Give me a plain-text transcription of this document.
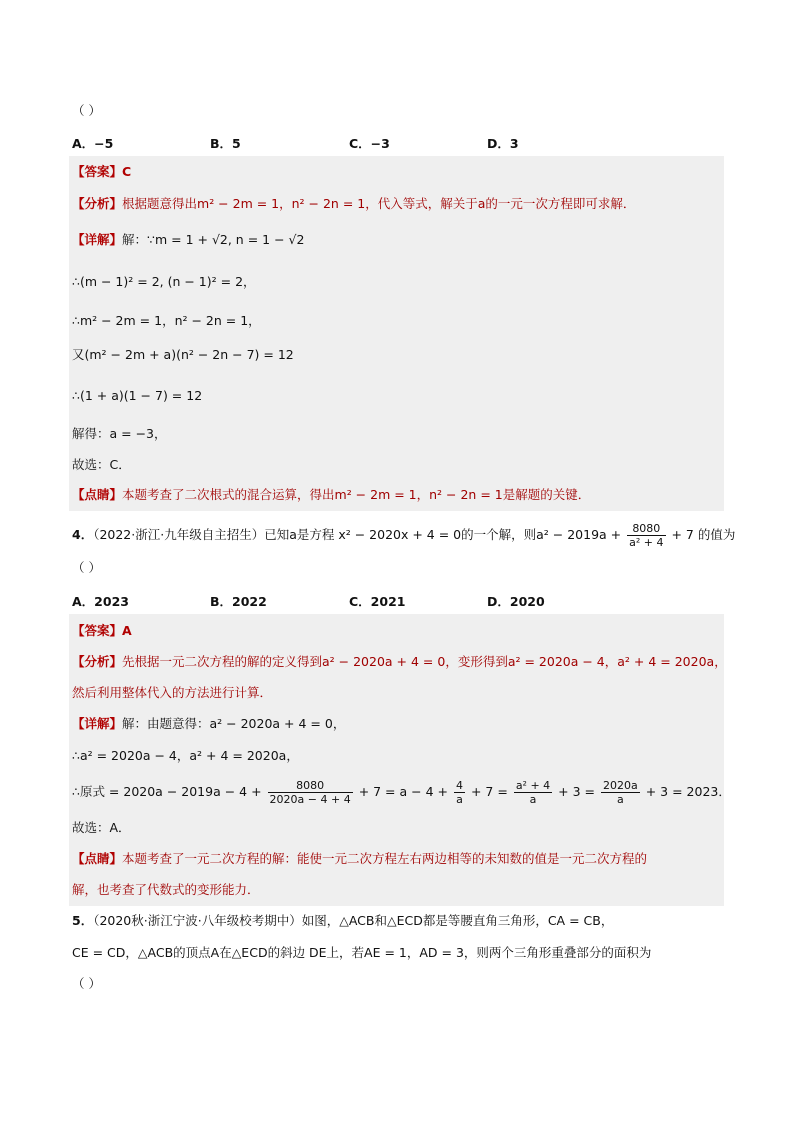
（ ）
A．−5	B．5	C．−3	D．3
【答案】C
【分析】根据题意得出m² − 2m = 1，n² − 2n = 1，代入等式，解关于a的一元一次方程即可求解．
【详解】解：∵m = 1 + √2, n = 1 − √2
∴(m − 1)² = 2, (n − 1)² = 2，
∴m² − 2m = 1，n² − 2n = 1，
又(m² − 2m + a)(n² − 2n − 7) = 12
∴(1 + a)(1 − 7) = 12
解得：a = −3，
故选：C．
【点睛】本题考查了二次根式的混合运算，得出m² − 2m = 1，n² − 2n = 1是解题的关键．
4．（2022·浙江·九年级自主招生）已知a是方程 x² − 2020x + 4 = 0的一个解，则$a^2 - 2019a + \frac{8080}{\text{a² + 4}} + 7$ 的值为
（ ）
A．2023	B．2022	C．2021	D．2020
【答案】A
【分析】先根据一元二次方程的解的定义得到a² − 2020a + 4 = 0，变形得到a² = 2020a − 4，a² + 4 = 2020a，
然后利用整体代入的方法进行计算．
【详解】解：由题意得：a² − 2020a + 4 = 0，
∴a² = 2020a − 4，a² + 4 = 2020a，
∴原式 = $2020a - 2019a - 4 + \frac{8080}{2020a - 4 + 4} + 7 = a - 4 + \frac{4}{a} + 7 = \frac{\text{a² + 4}}{a} + 3 = \frac{2020a}{a} + 3 = 2023$．
故选：A．
【点睛】本题考查了一元二次方程的解：能使一元二次方程左右两边相等的未知数的值是一元二次方程的
解，也考查了代数式的变形能力．
5．（2020秋·浙江宁波·八年级校考期中）如图，△ACB和△ECD都是等腰直角三角形，CA = CB，
CE = CD，△ACB的顶点A在△ECD的斜边 DE上，若AE = 1，AD = 3，则两个三角形重叠部分的面积为
（ ）
